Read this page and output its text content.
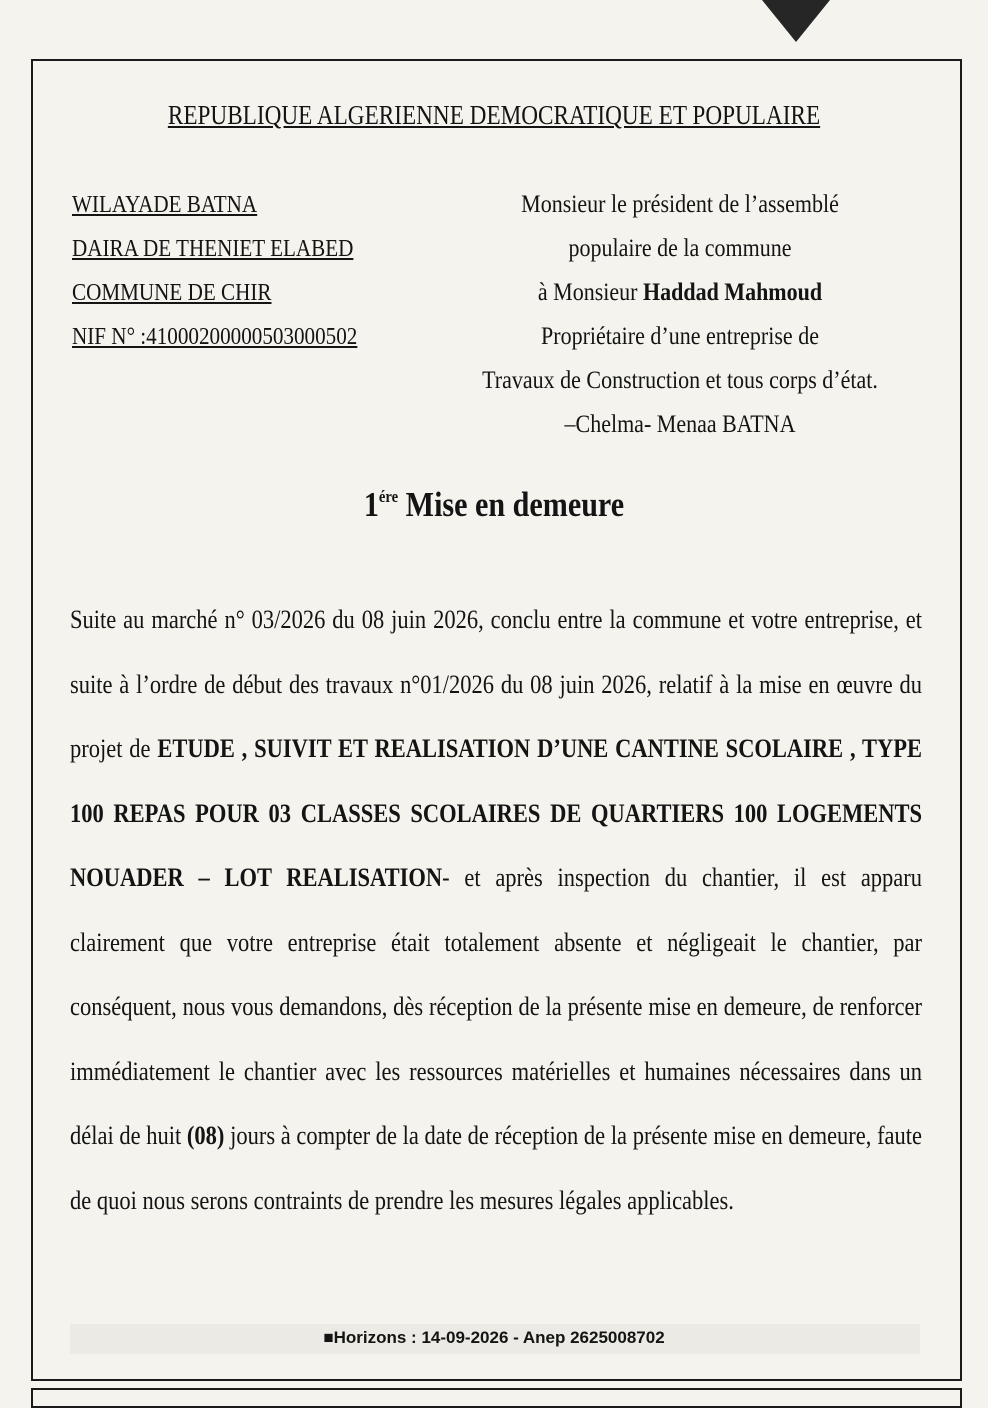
REPUBLIQUE ALGERIENNE DEMOCRATIQUE ET POPULAIRE
WILAYADE BATNA
DAIRA DE THENIET ELABED
COMMUNE DE CHIR
NIF N° :41000200000503000502
Monsieur le président de l’assemblé
populaire de la commune
à Monsieur Haddad Mahmoud
Propriétaire d’une entreprise de
Travaux de Construction et tous corps d’état.
–Chelma- Menaa BATNA
$1^{ére}$ Mise en demeure
Suite au marché n° 03/2026 du 08 juin 2026, conclu entre la commune et votre entreprise, et suite à l’ordre de début des travaux n°01/2026 du 08 juin 2026, relatif à la mise en œuvre du projet de ETUDE , SUIVIT ET REALISATION D’UNE CANTINE SCOLAIRE , TYPE 100 REPAS POUR 03 CLASSES SCOLAIRES DE QUARTIERS 100 LOGEMENTS NOUADER – LOT REALISATION- et après inspection du chantier, il est apparu clairement que votre entreprise était totalement absente et négligeait le chantier, par conséquent, nous vous demandons, dès réception de la présente mise en demeure, de renforcer immédiatement le chantier avec les ressources matérielles et humaines nécessaires dans un délai de huit (08) jours à compter de la date de réception de la présente mise en demeure, faute de quoi nous serons contraints de prendre les mesures légales applicables.
■Horizons : 14-09-2026 - Anep 2625008702
